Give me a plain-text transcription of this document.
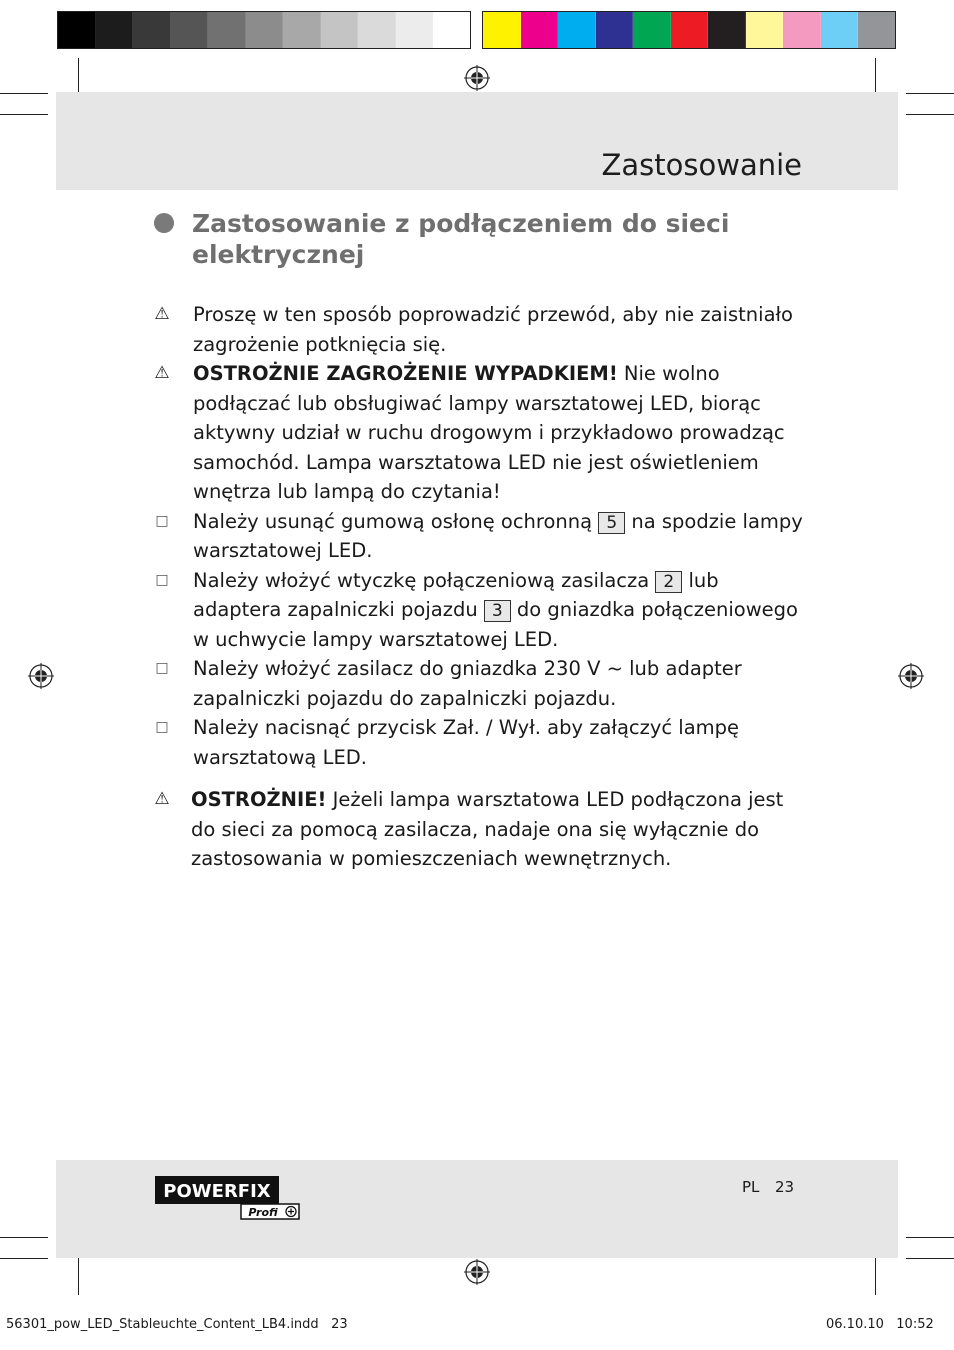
Zastosowanie
Zastosowanie z podłączeniem do sieci elektrycznej
⚠ Proszę w ten sposób poprowadzić przewód, aby nie zaistniało zagrożenie potknięcia się.
⚠ OSTROŻNIE ZAGROŻENIE WYPADKIEM! Nie wolno podłączać lub obsługiwać lampy warsztatowej LED, biorąc aktywny udział w ruchu drogowym i przykładowo prowadząc samochód. Lampa warsztatowa LED nie jest oświetleniem wnętrza lub lampą do czytania!
□ Należy usunąć gumową osłonę ochronną 5 na spodzie lampy warsztatowej LED.
□ Należy włożyć wtyczkę połączeniową zasilacza 2 lub adaptera zapalniczki pojazdu 3 do gniazdka połączeniowego w uchwycie lampy warsztatowej LED.
□ Należy włożyć zasilacz do gniazdka 230 V ~ lub adapter zapalniczki pojazdu do zapalniczki pojazdu.
□ Należy nacisnąć przycisk Zał. / Wył. aby załączyć lampę warsztatową LED.
⚠ OSTROŻNIE! Jeżeli lampa warsztatowa LED podłączona jest do sieci za pomocą zasilacza, nadaje ona się wyłącznie do zastosowania w pomieszczeniach wewnętrznych.
POWERFIX
Profi
PL 23
56301_pow_LED_Stableuchte_Content_LB4.indd   23	06.10.10   10:52
